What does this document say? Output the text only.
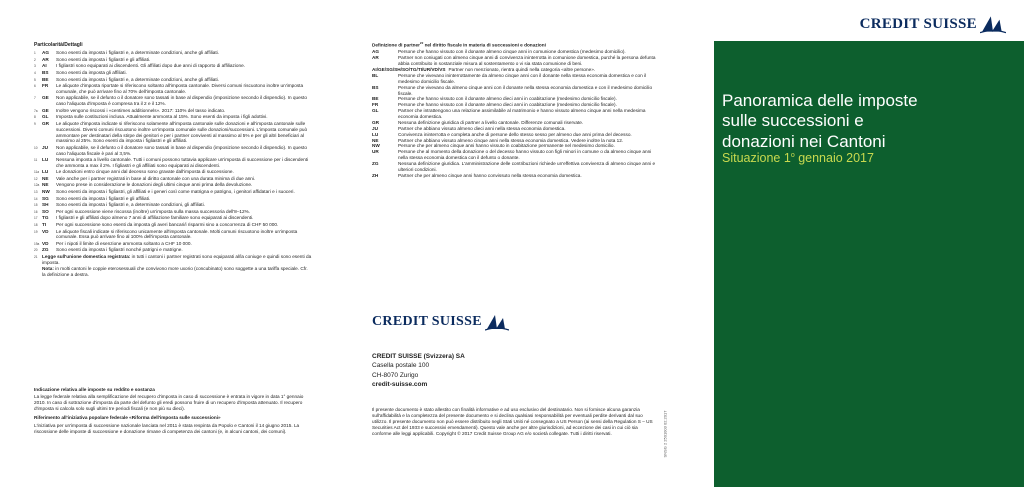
Particolarità/Dettagli
1	AG	Sono esenti da imposta i figliastri e, a determinate condizioni, anche gli affiliati.
2	AR	Sono esenti da imposta i figliastri e gli affiliati.
3	AI	I figliastri sono equiparati ai discendenti. Gli affiliati dopo due anni di rapporto di affiliazione.
4	BS	Sono esenti da imposta gli affiliati.
5	BE	Sono esenti da imposta i figliastri e, a determinate condizioni, anche gli affiliati.
6	FR	Le aliquote d'imposta riportate si riferiscono soltanto all'imposta cantonale. Diversi comuni riscuotono inoltre un'imposta comunale, che può arrivare fino al 70% dell'imposta cantonale.
7	GE	Non applicabile, se il defunto o il donatore sono tassati in base al dispendio (imposizione secondo il dispendio). In questo caso l'aliquota d'imposta è compresa tra il 2 e il 12%.
7a GE	Inoltre vengono riscossi i «centimes additionnels». 2017: 110% del tasso indicato.
8	GL	Imposta sulle costituzioni inclusa. Attualmente ammonta al 15%. Sono esenti da imposta i figli adottivi.
9	GR	Le aliquote d'imposta indicate si riferiscono solamente all'imposta cantonale sulle donazioni e all'imposta cantonale sulle successioni. Diversi comuni riscuotono inoltre un'imposta comunale sulle donazioni/successioni. L'imposta comunale può ammontare per destinatari della stirpe dei genitori e per i partner conviventi al massimo al 5% e per gli altri beneficiari al massimo al 25%. Sono esenti da imposta i figliastri e gli affiliati.
10 JU	Non applicabile, se il defunto o il donatore sono tassati in base al dispendio (imposizione secondo il dispendio). In questo caso l'aliquota fiscale è pari al 3,5%.
11 LU	Nessuna imposta a livello cantonale. Tutti i comuni possono tuttavia applicare un'imposta di successione per i discendenti che ammonta a max il 2%. I figliastri e gli affiliati sono equiparati ai discendenti.
11a LU	Le donazioni entro cinque anni dal decesso sono gravate dall'imposta di successione.
12 NE	Vale anche per i partner registrati in base al diritto cantonale con una durata minima di due anni.
12a NE	Vengono prese in considerazione le donazioni degli ultimi cinque anni prima della devoluzione.
13 NW	Sono esenti da imposta i figliastri, gli affiliati e i generi così come matrigna e patrigno, i genitori affidatari e i suoceri.
14 SG	Sono esenti da imposta i figliastri e gli affiliati.
15 SH	Sono esenti da imposta i figliastri e, a determinate condizioni, gli affiliati.
16 SO	Per ogni successione viene riscossa (inoltre) un'imposta sulla massa successoria dell'8–12%.
17 TG	I figliastri e gli affiliati dopo almeno 7 anni di affiliazione familiare sono equiparati ai discendenti.
18 TI	Per ogni successione sono esenti da imposta gli averi bancari/i risparmi sino a concorrenza di CHF 50 000.
19 VD	Le aliquote fiscali indicate si riferiscono unicamente all'imposta cantonale. Molti comuni riscuotono inoltre un'imposta comunale. Essa può arrivare fino al 100% dell'imposta cantonale.
19a VD	Per i nipoti il limite di esenzione ammonta soltanto a CHF 10 000.
20 ZG	Sono esenti da imposta i figliastri nonché patrigni e matrigne.
21 Legge sull'unione domestica registrata: in tutti i cantoni i partner registrati sono equiparati al/la coniuge e quindi sono esenti da imposta.
Nota: in molti cantoni le coppie eterosessuali che convivono more uxorio (concubinato) sono soggette a una tariffa speciale. Cfr. la definizione a destra.
Indicazione relativa alle imposte su reddito e sostanza

La legge federale relativa alla semplificazione del recupero d'imposta in caso di successione è entrata in vigore in data 1° gennaio 2010. In caso di sottrazione d'imposta da parte del defunto gli eredi possono fruire di un recupero d'imposta attenuato. Il recupero d'imposta si calcola solo sugli ultimi tre periodi fiscali (e non più su dieci).

Riferimento all'iniziativa popolare federale «Riforma dell'imposta sulle successioni»

L'iniziativa per un'imposta di successione nazionale lanciata nel 2011 è stata respinta da Popolo e Cantoni il 14 giugno 2015. La riscossione delle imposte di successione e donazione rimane di competenza dei cantoni (e, in alcuni cantoni, dei comuni).

Definizione di partner$^{22}$ nel diritto fiscale in materia di successioni e donazioni
AG	Persone che hanno vissuto con il donante almeno cinque anni in comunione domestica (medesimo domicilio).
AR	Partner non coniugati con almeno cinque anni di convivenza ininterrotta in comunione domestica, purché la persona defunta abbia contribuito in sostanziale misura al sostentamento o vi sia stata comunione di beni.
AI/GE/SG/SH/SO/TG/TI/UR/VD/VS Partner non menzionato, rientra quindi nella categoria «altre persone».
BL	Persone che vivevano ininterrottamente da almeno cinque anni con il donante nella stessa economia domestica e con il medesimo domicilio fiscale.
BS	Persone che vivevano da almeno cinque anni con il donante nella stessa economia domestica e con il medesimo domicilio fiscale.
BE	Persone che hanno vissuto con il donante almeno dieci anni in coabitazione (medesimo domicilio fiscale).
FR	Persone che hanno vissuto con il donante almeno dieci anni in coabitazione (medesimo domicilio fiscale).
GL	Partner che intrattengono una relazione assimilabile al matrimonio e hanno vissuto almeno cinque anni nella medesima economia domestica.
GR	Nessuna definizione giuridica di partner a livello cantonale. Differenze comunali riservate.
JU	Partner che abbiano vissuto almeno dieci anni nella stessa economia domestica.
LU	Convivenza ininterrotta e completa anche di persone dello stesso sesso per almeno due anni prima del decesso.
NE	Partner che abbiano vissuto almeno cinque anni nella stessa economia domestica. Vedere inoltre la nota 12.
NW	Persone che per almeno cinque anni hanno vissuto in coabitazione permanente nel medesimo domicilio.
UR	Persone che al momento della donazione o del decesso hanno vissuto con figli minori in comune o da almeno cinque anni nella stessa economia domestica con il defunto o donante.
ZG	Nessuna definizione giuridica. L'amministrazione delle contribuzioni richiede un'effettiva convivenza di almeno cinque anni e ulteriori condizioni.
ZH	Partner che per almeno cinque anni hanno convissuto nella stessa economia domestica.
CREDIT SUISSE
CREDIT SUISSE (Svizzera) SA
Casella postale 100
CH-8070 Zurigo
credit-suisse.com
Il presente documento è stato allestito con finalità informative e ad uso esclusivo del destinatario. Non si fornisce alcuna garanzia sull'affidabilità e la completezza del presente documento e si declina qualsiasi responsabilità per eventuali perdite derivanti dal suo utilizzo. Il presente documento non può essere distribuito negli Stati Uniti né consegnato a US Person (ai sensi della Regulation S – US Securities Act del 1933 e successivi emendamenti). Questo vale anche per altre giurisdizioni, ad eccezione dei casi in cui ciò sia conforme alle leggi applicabili. Copyright © 2017 Credit Suisse Group AG e/o società collegate. Tutti i diritti riservati.	SNSG 2 2501003 02.2017
CREDIT SUISSE
Panoramica delle imposte
sulle successioni e
donazioni nei Cantoni
Situazione 1$^o$ gennaio 2017
